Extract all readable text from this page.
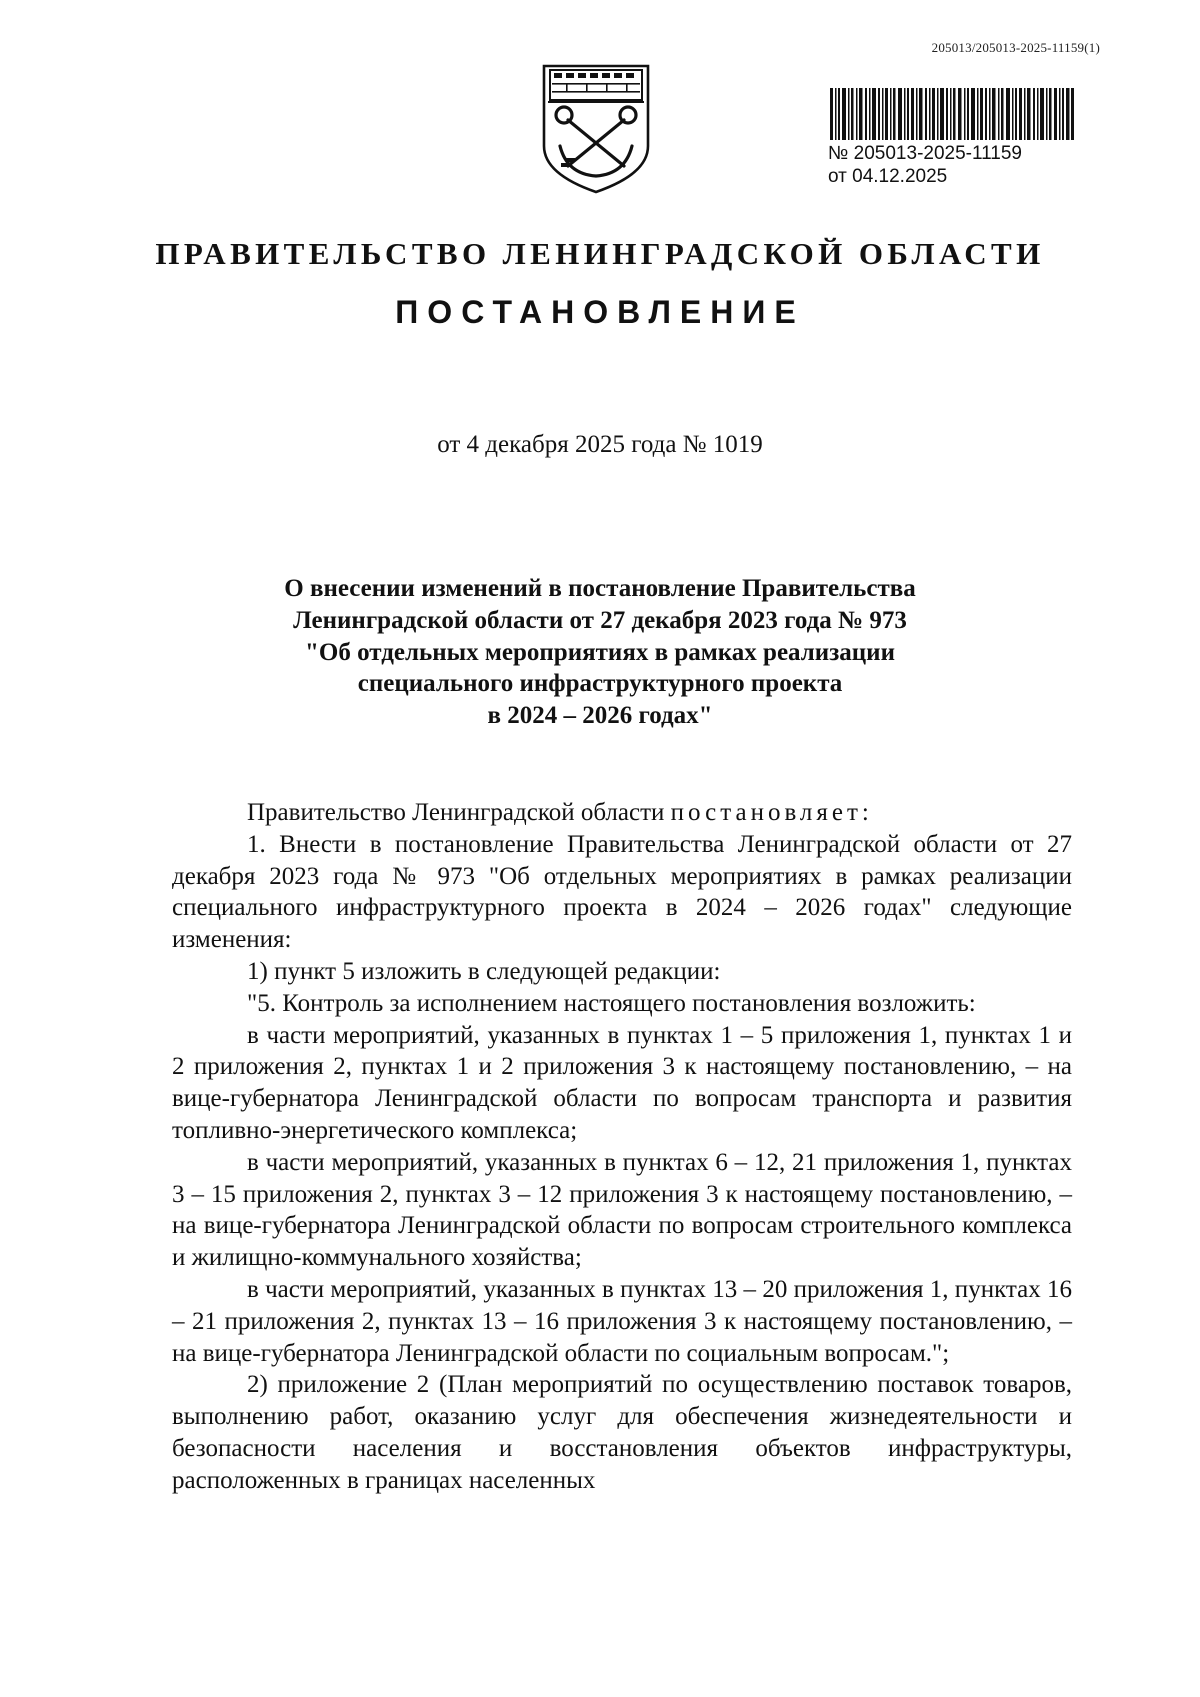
205013/205013-2025-11159(1)
№ 205013-2025-11159
от 04.12.2025
ПРАВИТЕЛЬСТВО ЛЕНИНГРАДСКОЙ ОБЛАСТИ
ПОСТАНОВЛЕНИЕ
от 4 декабря 2025 года № 1019
О внесении изменений в постановление Правительства
Ленинградской области от 27 декабря 2023 года № 973
"Об отдельных мероприятиях в рамках реализации
специального инфраструктурного проекта
в 2024 – 2026 годах"
Правительство Ленинградской области постановляет:
1. Внести в постановление Правительства Ленинградской области от 27 декабря 2023 года № 973 "Об отдельных мероприятиях в рамках реализации специального инфраструктурного проекта в 2024 – 2026 годах" следующие изменения:
1) пункт 5 изложить в следующей редакции:
"5. Контроль за исполнением настоящего постановления возложить:
в части мероприятий, указанных в пунктах 1 – 5 приложения 1, пунктах 1 и 2 приложения 2, пунктах 1 и 2 приложения 3 к настоящему постановлению, – на вице-губернатора Ленинградской области по вопросам транспорта и развития топливно-энергетического комплекса;
в части мероприятий, указанных в пунктах 6 – 12, 21 приложения 1, пунктах 3 – 15 приложения 2, пунктах 3 – 12 приложения 3 к настоящему постановлению, – на вице-губернатора Ленинградской области по вопросам строительного комплекса и жилищно-коммунального хозяйства;
в части мероприятий, указанных в пунктах 13 – 20 приложения 1, пунктах 16 – 21 приложения 2, пунктах 13 – 16 приложения 3 к настоящему постановлению, – на вице-губернатора Ленинградской области по социальным вопросам.";
2) приложение 2 (План мероприятий по осуществлению поставок товаров, выполнению работ, оказанию услуг для обеспечения жизнедеятельности и безопасности населения и восстановления объектов инфраструктуры, расположенных в границах населенных
